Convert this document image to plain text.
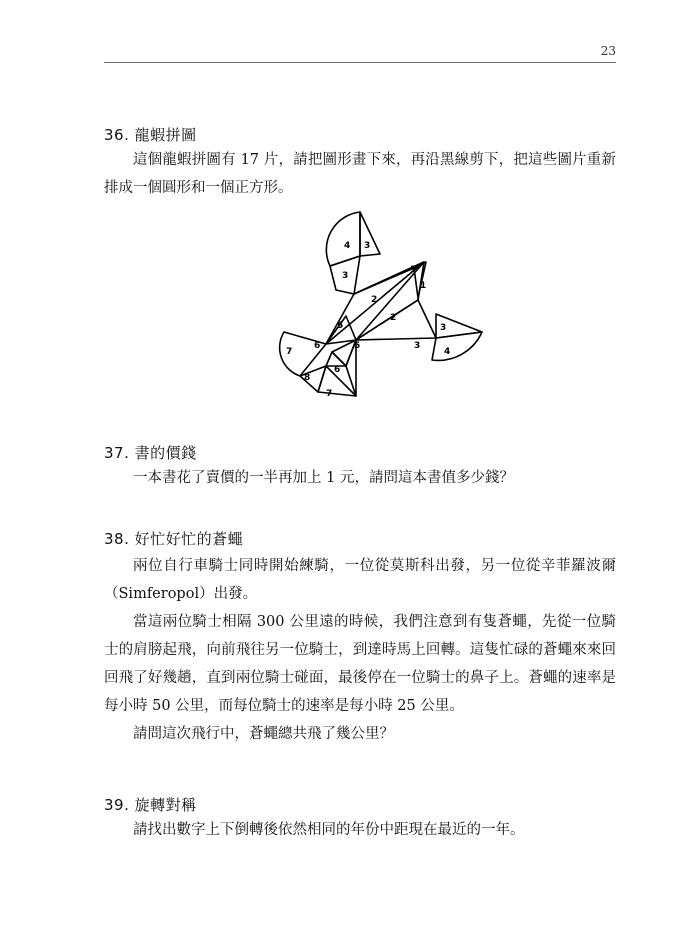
23
36. 龍蝦拼圖

這個龍蝦拼圖有 17 片，請把圖形畫下來，再沿黑線剪下，把這些圖片重新排成一個圓形和一個正方形。

4 3
3
1
1
2
2
3
5
6	5	3
4
7
8
6
7
37. 書的價錢

一本書花了賣價的一半再加上 1 元，請問這本書值多少錢？

38. 好忙好忙的蒼蠅

兩位自行車騎士同時開始練騎，一位從莫斯科出發，另一位從辛菲羅波爾（Simferopol）出發。

當這兩位騎士相隔 300 公里遠的時候，我們注意到有隻蒼蠅，先從一位騎士的肩膀起飛，向前飛往另一位騎士，到達時馬上回轉。這隻忙碌的蒼蠅來來回回飛了好幾趟，直到兩位騎士碰面，最後停在一位騎士的鼻子上。蒼蠅的速率是每小時 50 公里，而每位騎士的速率是每小時 25 公里。

請問這次飛行中，蒼蠅總共飛了幾公里？

39. 旋轉對稱

請找出數字上下倒轉後依然相同的年份中距現在最近的一年。
